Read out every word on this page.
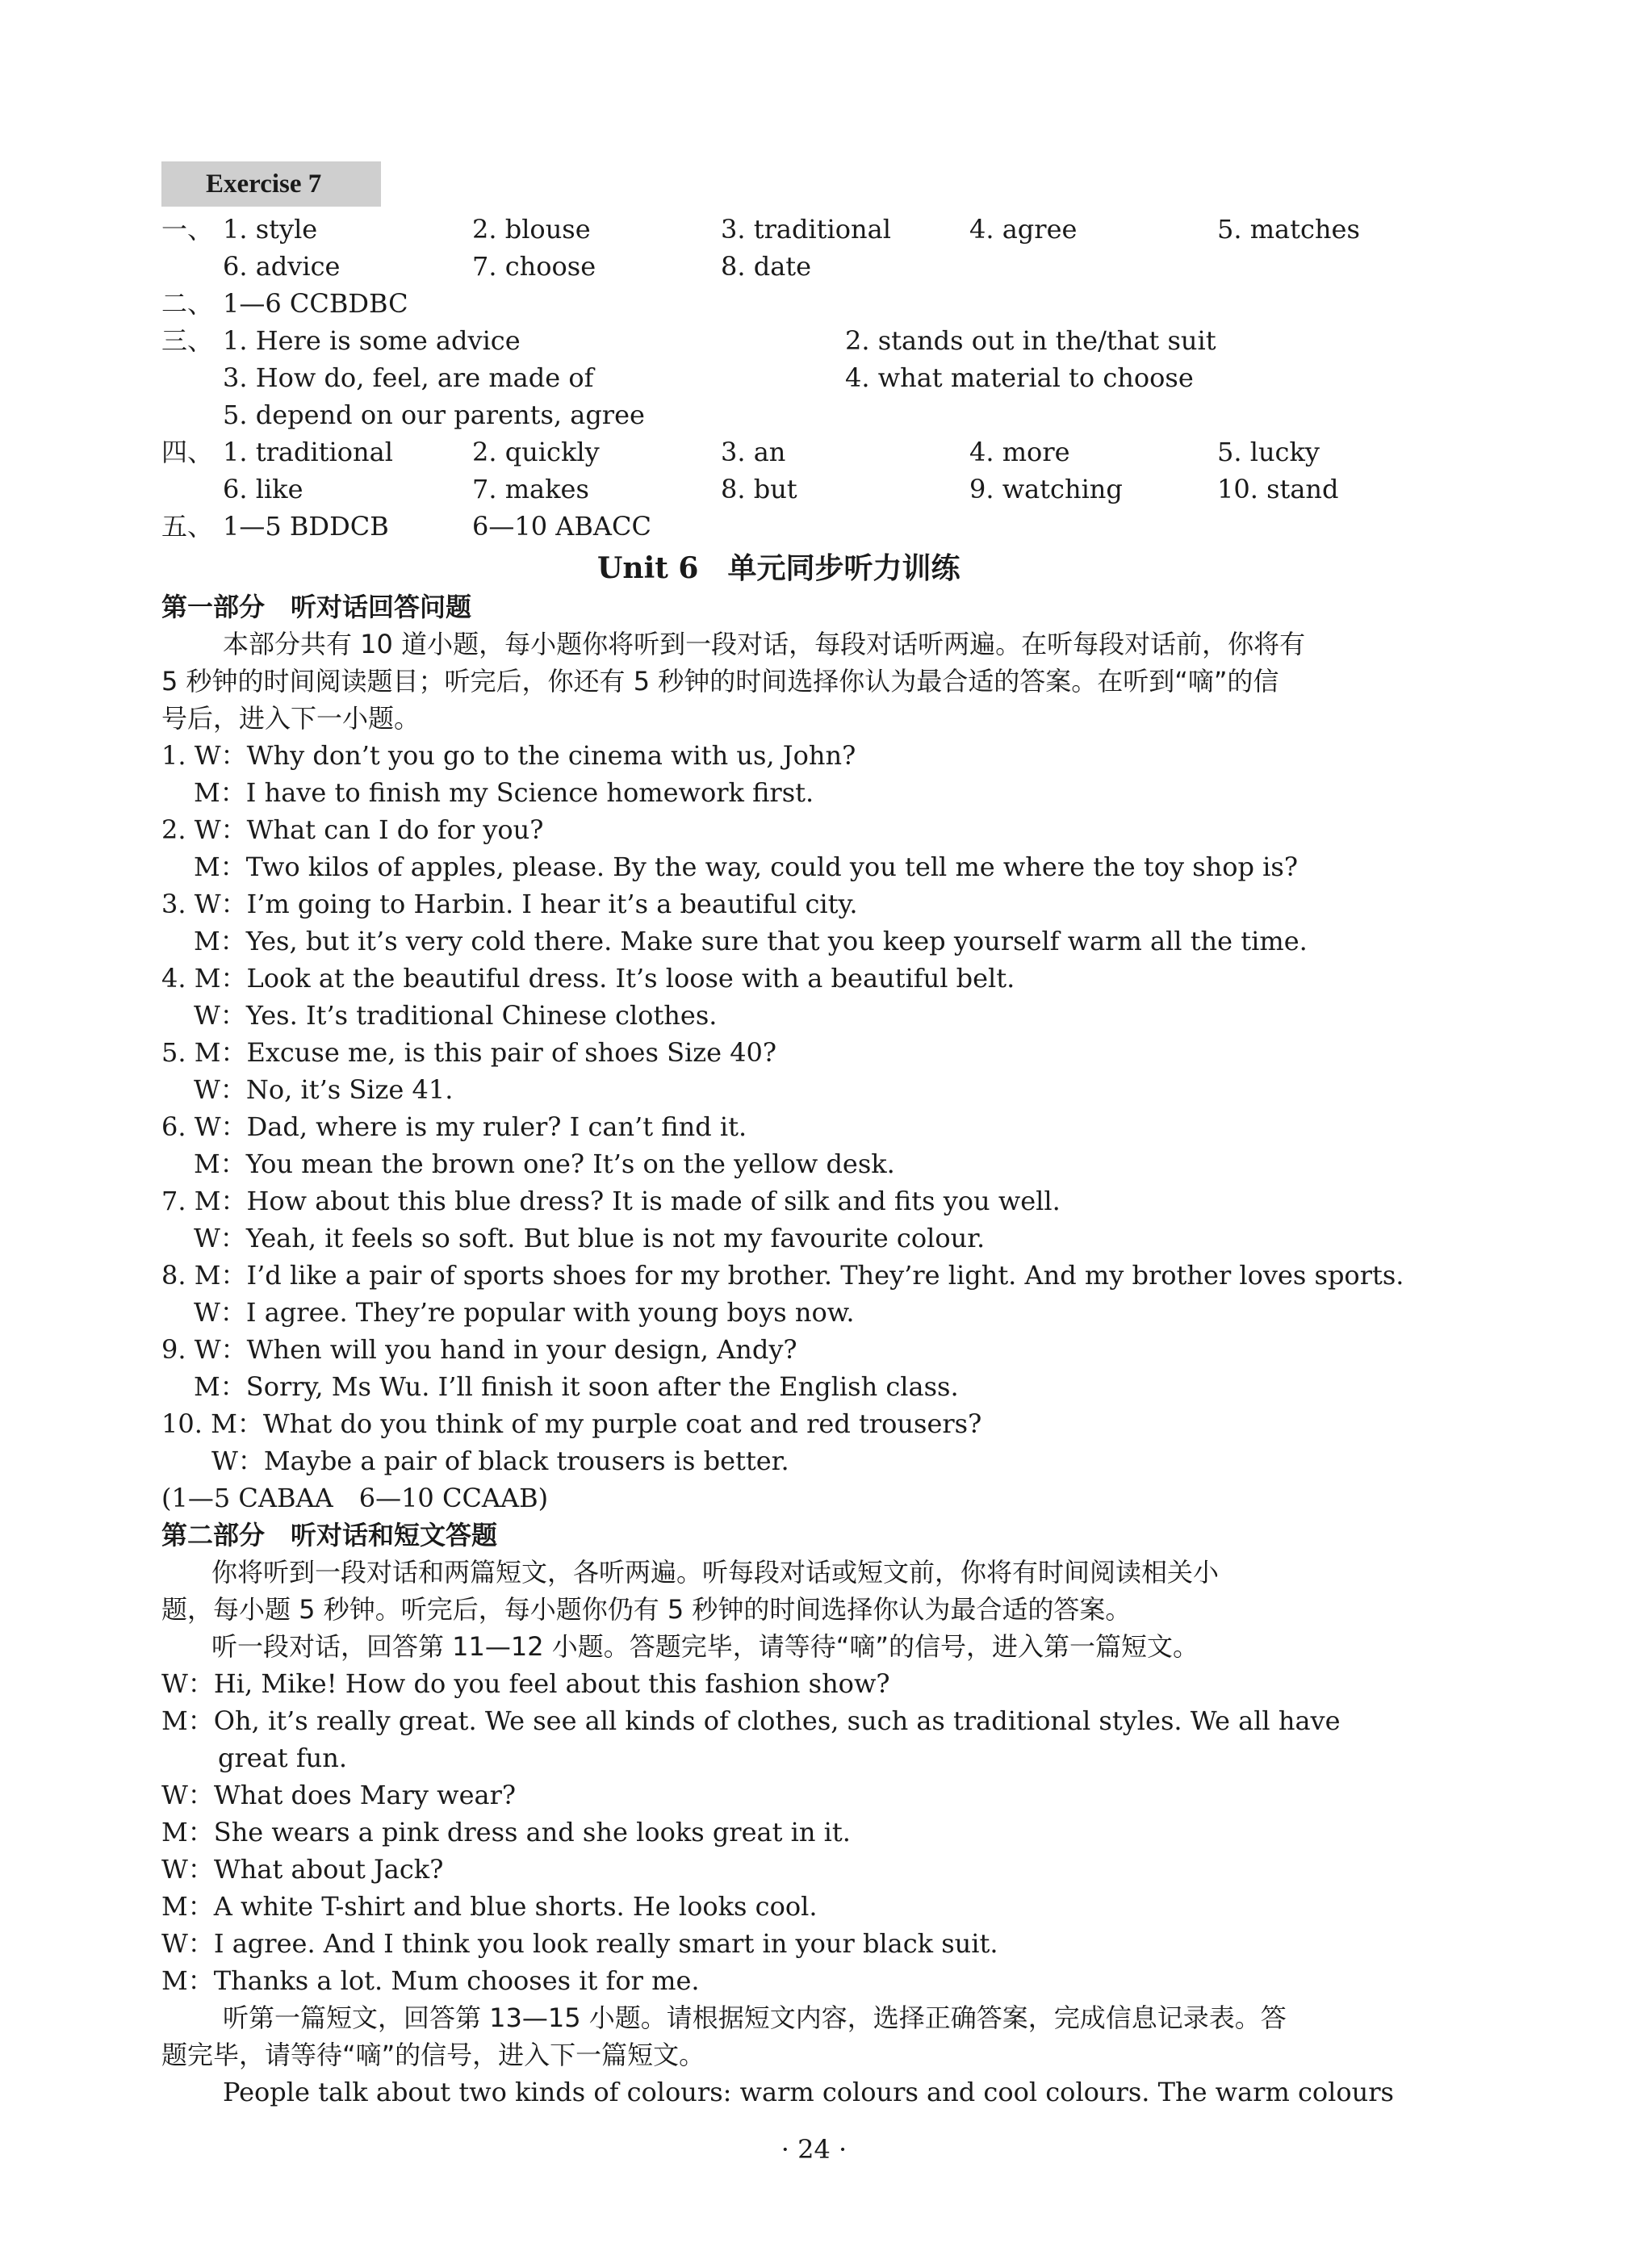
Exercise 7
一、 1. style	2. blouse	3. traditional	4. agree	5. matches
6. advice	7. choose	8. date
二、 1—6 CCBDBC
三、 1. Here is some advice	2. stands out in the/that suit
3. How do, feel, are made of	4. what material to choose
5. depend on our parents, agree
四、 1. traditional	2. quickly	3. an	4. more	5. lucky
6. like	7. makes	8. but	9. watching	10. stand
五、 1—5 BDDCB	6—10 ABACC
Unit 6　单元同步听力训练
第一部分　听对话回答问题
本部分共有 10 道小题，每小题你将听到一段对话，每段对话听两遍。在听每段对话前，你将有
5 秒钟的时间阅读题目；听完后，你还有 5 秒钟的时间选择你认为最合适的答案。在听到“嘀”的信
号后，进入下一小题。
1. W：Why don’t you go to the cinema with us, John?
M：I have to finish my Science homework first.
2. W：What can I do for you?
M：Two kilos of apples, please. By the way, could you tell me where the toy shop is?
3. W：I’m going to Harbin. I hear it’s a beautiful city.
M：Yes, but it’s very cold there. Make sure that you keep yourself warm all the time.
4. M：Look at the beautiful dress. It’s loose with a beautiful belt.
W：Yes. It’s traditional Chinese clothes.
5. M：Excuse me, is this pair of shoes Size 40?
W：No, it’s Size 41.
6. W：Dad, where is my ruler? I can’t find it.
M：You mean the brown one? It’s on the yellow desk.
7. M：How about this blue dress? It is made of silk and fits you well.
W：Yeah, it feels so soft. But blue is not my favourite colour.
8. M：I’d like a pair of sports shoes for my brother. They’re light. And my brother loves sports.
W：I agree. They’re popular with young boys now.
9. W：When will you hand in your design, Andy?
M：Sorry, Ms Wu. I’ll finish it soon after the English class.
10. M：What do you think of my purple coat and red trousers?
W：Maybe a pair of black trousers is better.
(1—5 CABAA　6—10 CCAAB)
第二部分　听对话和短文答题
你将听到一段对话和两篇短文，各听两遍。听每段对话或短文前，你将有时间阅读相关小
题，每小题 5 秒钟。听完后，每小题你仍有 5 秒钟的时间选择你认为最合适的答案。
听一段对话，回答第 11—12 小题。答题完毕，请等待“嘀”的信号，进入第一篇短文。
W：Hi, Mike! How do you feel about this fashion show?
M：Oh, it’s really great. We see all kinds of clothes, such as traditional styles. We all have
great fun.
W：What does Mary wear?
M：She wears a pink dress and she looks great in it.
W：What about Jack?
M：A white T-shirt and blue shorts. He looks cool.
W：I agree. And I think you look really smart in your black suit.
M：Thanks a lot. Mum chooses it for me.
听第一篇短文，回答第 13—15 小题。请根据短文内容，选择正确答案，完成信息记录表。答
题完毕，请等待“嘀”的信号，进入下一篇短文。
People talk about two kinds of colours: warm colours and cool colours. The warm colours
· 24 ·
